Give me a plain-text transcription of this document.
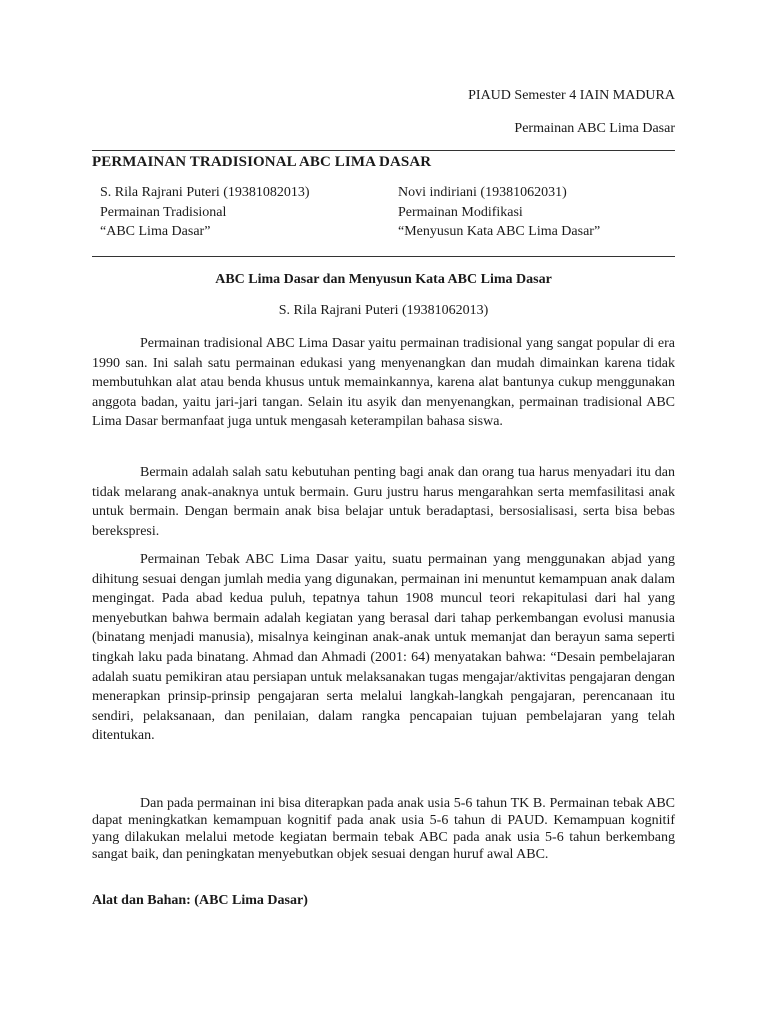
PIAUD Semester 4 IAIN MADURA
Permainan ABC Lima Dasar
PERMAINAN TRADISIONAL ABC LIMA DASAR
S. Rila Rajrani Puteri (19381082013)
Permainan Tradisional
“ABC Lima Dasar”
Novi indiriani (19381062031)
Permainan Modifikasi
“Menyusun Kata ABC Lima Dasar”
ABC Lima Dasar dan Menyusun Kata ABC Lima Dasar
S. Rila Rajrani Puteri (19381062013)

Permainan tradisional ABC Lima Dasar yaitu permainan tradisional yang sangat popular di era 1990 san. Ini salah satu permainan edukasi yang menyenangkan dan mudah dimainkan karena tidak membutuhkan alat atau benda khusus untuk memainkannya, karena alat bantunya cukup menggunakan anggota badan, yaitu jari-jari tangan. Selain itu asyik dan menyenangkan, permainan tradisional ABC Lima Dasar bermanfaat juga untuk mengasah keterampilan bahasa siswa.

Bermain adalah salah satu kebutuhan penting bagi anak dan orang tua harus menyadari itu dan tidak melarang anak-anaknya untuk bermain. Guru justru harus mengarahkan serta memfasilitasi anak untuk bermain. Dengan bermain anak bisa belajar untuk beradaptasi, bersosialisasi, serta bisa bebas berekspresi.

Permainan Tebak ABC Lima Dasar yaitu, suatu permainan yang menggunakan abjad yang dihitung sesuai dengan jumlah media yang digunakan, permainan ini menuntut kemampuan anak dalam mengingat. Pada abad kedua puluh, tepatnya tahun 1908 muncul teori rekapitulasi dari hal yang menyebutkan bahwa bermain adalah kegiatan yang berasal dari tahap perkembangan evolusi manusia (binatang menjadi manusia), misalnya keinginan anak-anak untuk memanjat dan berayun sama seperti tingkah laku pada binatang. Ahmad dan Ahmadi (2001: 64) menyatakan bahwa: “Desain pembelajaran adalah suatu pemikiran atau persiapan untuk melaksanakan tugas mengajar/aktivitas pengajaran dengan menerapkan prinsip-prinsip pengajaran serta melalui langkah-langkah pengajaran, perencanaan itu sendiri, pelaksanaan, dan penilaian, dalam rangka pencapaian tujuan pembelajaran yang telah ditentukan.

Dan pada permainan ini bisa diterapkan pada anak usia 5-6 tahun TK B. Permainan tebak ABC dapat meningkatkan kemampuan kognitif pada anak usia 5-6 tahun di PAUD. Kemampuan kognitif yang dilakukan melalui metode kegiatan bermain tebak ABC pada anak usia 5-6 tahun berkembang sangat baik, dan peningkatan menyebutkan objek sesuai dengan huruf awal ABC.

Alat dan Bahan: (ABC Lima Dasar)
